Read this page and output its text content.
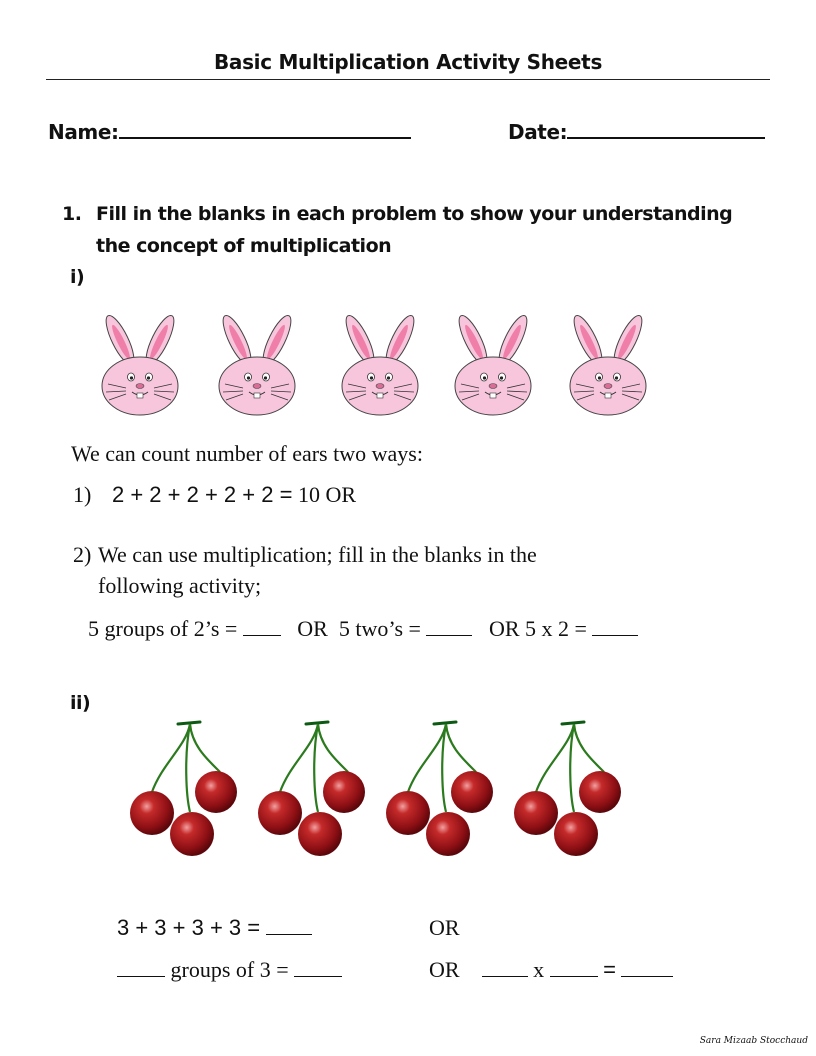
Basic Multiplication Activity Sheets
Name:	Date:
1. Fill in the blanks in each problem to show your understanding
the concept of multiplication
i)
We can count number of ears two ways:
1) 2 + 2 + 2 + 2 + 2 = 10 OR
2) We can use multiplication; fill in the blanks in the
following activity;
5 groups of 2’s =	OR 5 two’s =	OR 5 x 2 =
ii)
3 + 3 + 3 + 3 =	OR
groups of 3 =	OR	x	=
Sara Mizaab Stocchaud
